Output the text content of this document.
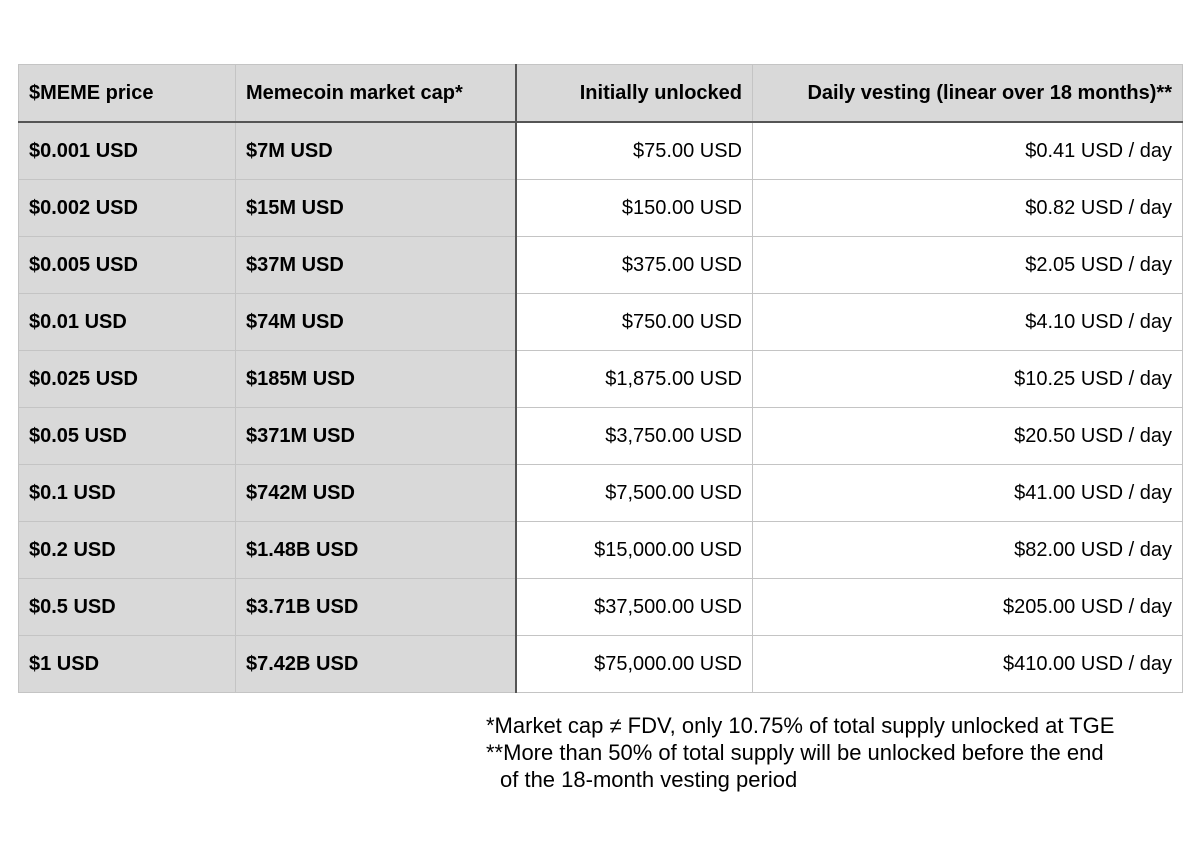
$MEME price	Memecoin market cap*	Initially unlocked	Daily vesting (linear over 18 months)**
$0.001 USD	$7M USD	$75.00 USD	$0.41 USD / day
$0.002 USD	$15M USD	$150.00 USD	$0.82 USD / day
$0.005 USD	$37M USD	$375.00 USD	$2.05 USD / day
$0.01 USD	$74M USD	$750.00 USD	$4.10 USD / day
$0.025 USD	$185M USD	$1,875.00 USD	$10.25 USD / day
$0.05 USD	$371M USD	$3,750.00 USD	$20.50 USD / day
$0.1 USD	$742M USD	$7,500.00 USD	$41.00 USD / day
$0.2 USD	$1.48B USD	$15,000.00 USD	$82.00 USD / day
$0.5 USD	$3.71B USD	$37,500.00 USD	$205.00 USD / day
$1 USD	$7.42B USD	$75,000.00 USD	$410.00 USD / day
*Market cap ≠ FDV, only 10.75% of total supply unlocked at TGE
**More than 50% of total supply will be unlocked before the end
of the 18-month vesting period
